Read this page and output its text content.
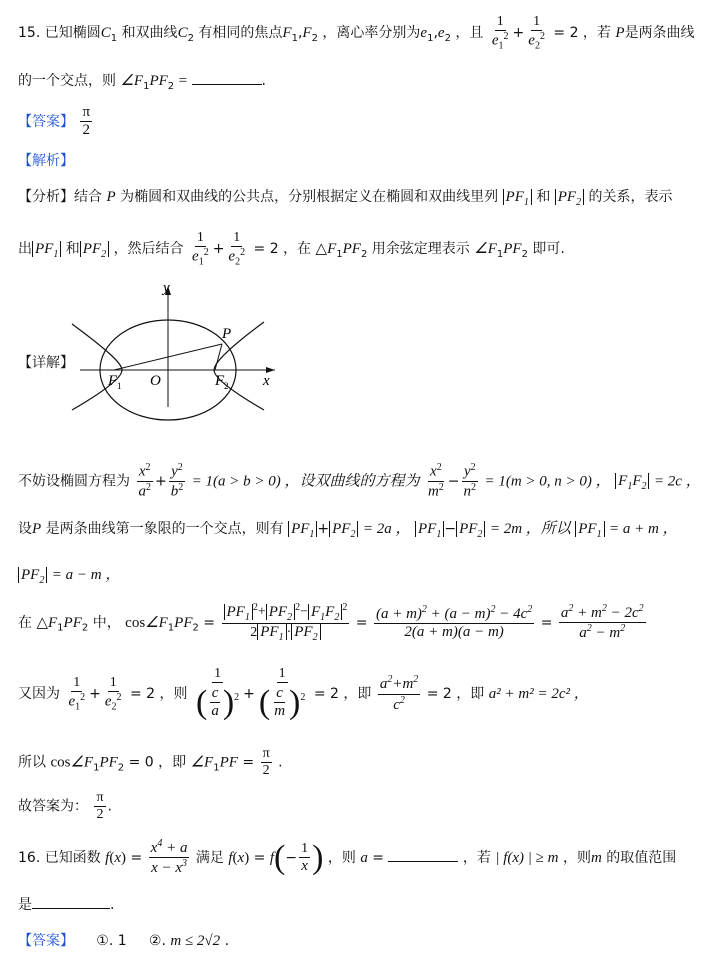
15. 已知椭圆$C_1$ 和双曲线$C_2$ 有相同的焦点$F_1,F_2$ ，离心率分别为$e_1,e_2$ ，且 $\frac{1}{e_1^2} + \frac{1}{e_2^2} = 2$ ，若 P是两条曲线
的一个交点，则 $\angle F_1PF_2$ =	.
【答案】 $\frac{\pi}{2}$
【解析】
【分析】结合 P 为椭圆和双曲线的公共点，分别根据定义在椭圆和双曲线里列 $PF_1$ 和 $PF_2$ 的关系，表示
出 $PF_1$ 和 $PF_2$ ，然后结合 $\frac{1}{e_1^2} + \frac{1}{e_2^2} = 2$ ，在 $\triangle F_1PF_2$ 用余弦定理表示 $\angle F_1PF_2$ 即可.
【详解】
y
x
P
O
F 1	F 2
不妨设椭圆方程为 $\frac{x^2}{a^2} + \frac{y^2}{b^2} = 1(a > b > 0)$ ，设双曲线的方程为 $\frac{x^2}{m^2} - \frac{y^2}{n^2} = 1(m > 0$, n > 0) ， $F_1F_2 = 2c$ ，
设P 是两条曲线第一象限的一个交点，则有 $PF_1 + PF_2 = 2a$ ， $PF_1 - PF_2 = 2m$ ，所以 $PF_1 = a + m$ ，
$PF_2 = a - m$ ，
在 $\triangle F_1PF_2$ 中， $\cos\angle F_1PF_2 = \frac{PF_1^2+ PF_2^2- F_1F_2^2}{2 PF_1 \cdot PF_2} = \frac{(a + m)^2 + (a - m)^2 - 4c^2}{2(a + m)(a - m)} = \frac{a^2 + m^2 - 2c^2}{a^2 - m^2}$
又因为 $\frac{1}{e_1^2} + \frac{1}{e_2^2} = 2$ ，则 $\frac{1}{( \frac{c}{a} )^2} + \frac{1}{( \frac{c}{m} )^2} = 2$ ，即 $\frac{a^2+m^2}{c^2} = 2$ ，即 a² + m² = 2c² ，
所以 $\cos\angle F_1PF_2 = 0$ ，即 $\angle F_1PF = \frac{\pi}{2}$ .
故答案为： $\frac{\pi}{2}$ .
16. 已知函数 $f(x) = \frac{x^4 + a}{x - x^3}$ 满足 $f(x) = f(- \frac{1}{x}$ ) ，则 a =	，若 | f(x) | ≥ m ，则m 的取值范围
是	.
【答案】 ①. 1 ②. m ≤ 2√2 .
